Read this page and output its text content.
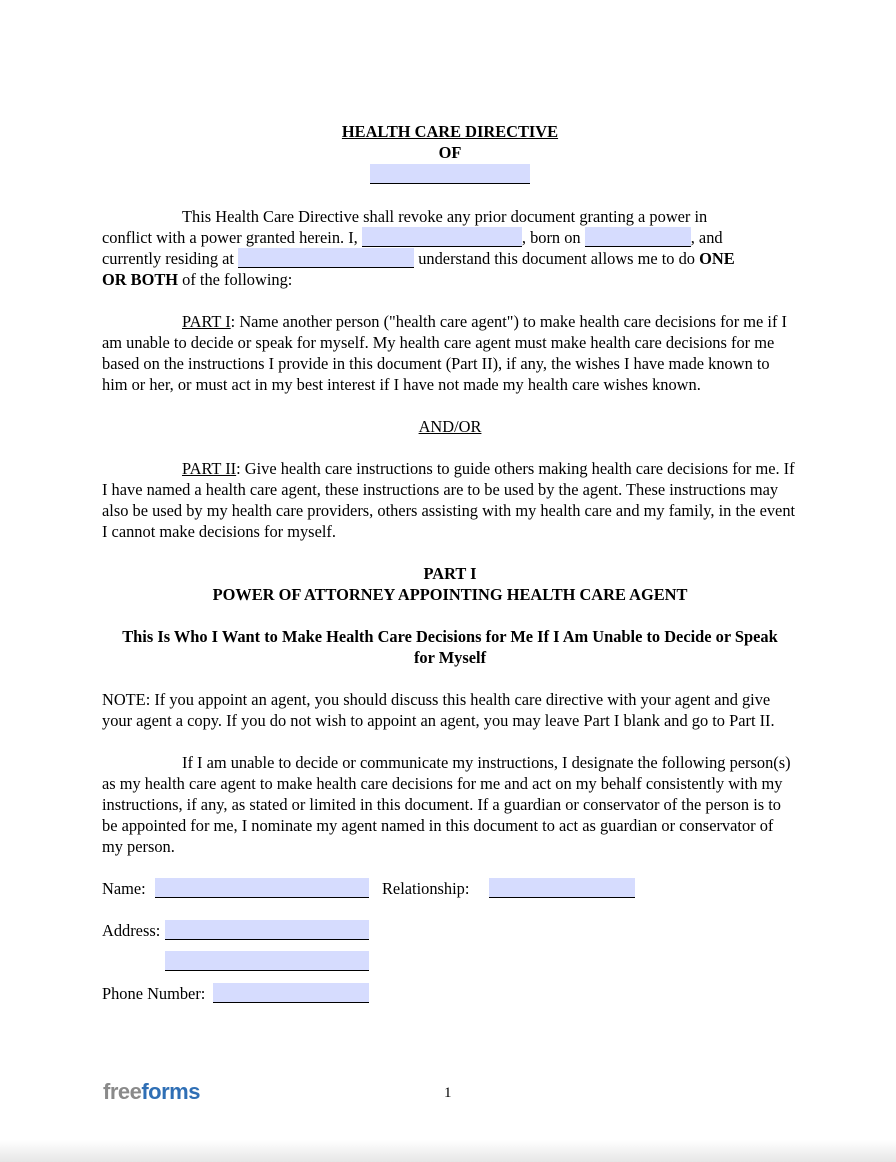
HEALTH CARE DIRECTIVE
OF

This Health Care Directive shall revoke any prior document granting a power in
conflict with a power granted herein. I,	, born on	, and
currently residing at	understand this document allows me to do ONE
OR BOTH of the following:

PART I: Name another person ("health care agent") to make health care decisions for me if I am unable to decide or speak for myself. My health care agent must make health care decisions for me based on the instructions I provide in this document (Part II), if any, the wishes I have made known to him or her, or must act in my best interest if I have not made my health care wishes known.

AND/OR

PART II: Give health care instructions to guide others making health care decisions for me. If I have named a health care agent, these instructions are to be used by the agent. These instructions may also be used by my health care providers, others assisting with my health care and my family, in the event I cannot make decisions for myself.

PART I
POWER OF ATTORNEY APPOINTING HEALTH CARE AGENT

This Is Who I Want to Make Health Care Decisions for Me If I Am Unable to Decide or Speak for Myself

NOTE: If you appoint an agent, you should discuss this health care directive with your agent and give your agent a copy. If you do not wish to appoint an agent, you may leave Part I blank and go to Part II.

If I am unable to decide or communicate my instructions, I designate the following person(s) as my health care agent to make health care decisions for me and act on my behalf consistently with my instructions, if any, as stated or limited in this document. If a guardian or conservator of the person is to be appointed for me, I nominate my agent named in this document to act as guardian or conservator of my person.

Name:	Relationship:
Address:
Phone Number:
freeforms	1
